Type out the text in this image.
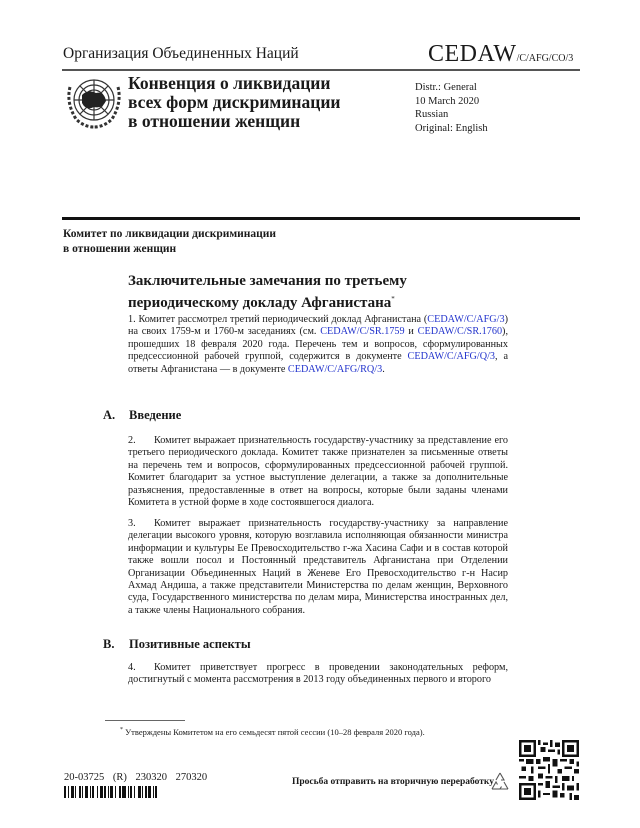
Организация Объединенных Наций	CEDAW/C/AFG/CO/3
Конвенция о ликвидации
всех форм дискриминации
в отношении женщин
Distr.: General
10 March 2020
Russian
Original: English
Комитет по ликвидации дискриминации
в отношении женщин
Заключительные замечания по третьему
периодическому докладу Афганистана*
1. Комитет рассмотрел третий периодический доклад Афганистана (CEDAW/C/AFG/3) на своих 1759-м и 1760-м заседаниях (см. CEDAW/C/SR.1759 и CEDAW/C/SR.1760), прошедших 18 февраля 2020 года. Перечень тем и вопросов, сформулированных предсессионной рабочей группой, содержится в документе CEDAW/C/AFG/Q/3, а ответы Афганистана — в документе CEDAW/C/AFG/RQ/3.
A. Введение
2. Комитет выражает признательность государству-участнику за представление его третьего периодического доклада. Комитет также признателен за письменные ответы на перечень тем и вопросов, сформулированных предсессионной рабочей группой. Комитет благодарит за устное выступление делегации, а также за дополнительные разъяснения, предоставленные в ответ на вопросы, которые были заданы членами Комитета в устной форме в ходе состоявшегося диалога.
3. Комитет выражает признательность государству-участнику за направление делегации высокого уровня, которую возглавила исполняющая обязанности министра информации и культуры Ее Превосходительство г-жа Хасина Сафи и в состав которой также вошли посол и Постоянный представитель Афганистана при Отделении Организации Объединенных Наций в Женеве Его Превосходительство г-н Насир Ахмад Андиша, а также представители Министерства по делам женщин, Верховного суда, Государственного министерства по делам мира, Министерства иностранных дел, а также члены Национального собрания.
B. Позитивные аспекты
4. Комитет приветствует прогресс в проведении законодательных реформ, достигнутый с момента рассмотрения в 2013 году объединенных первого и второго
* Утверждены Комитетом на его семьдесят пятой сессии (10–28 февраля 2020 года).
20-03725 (R) 230320 270320	Просьба отправить на вторичную переработку
